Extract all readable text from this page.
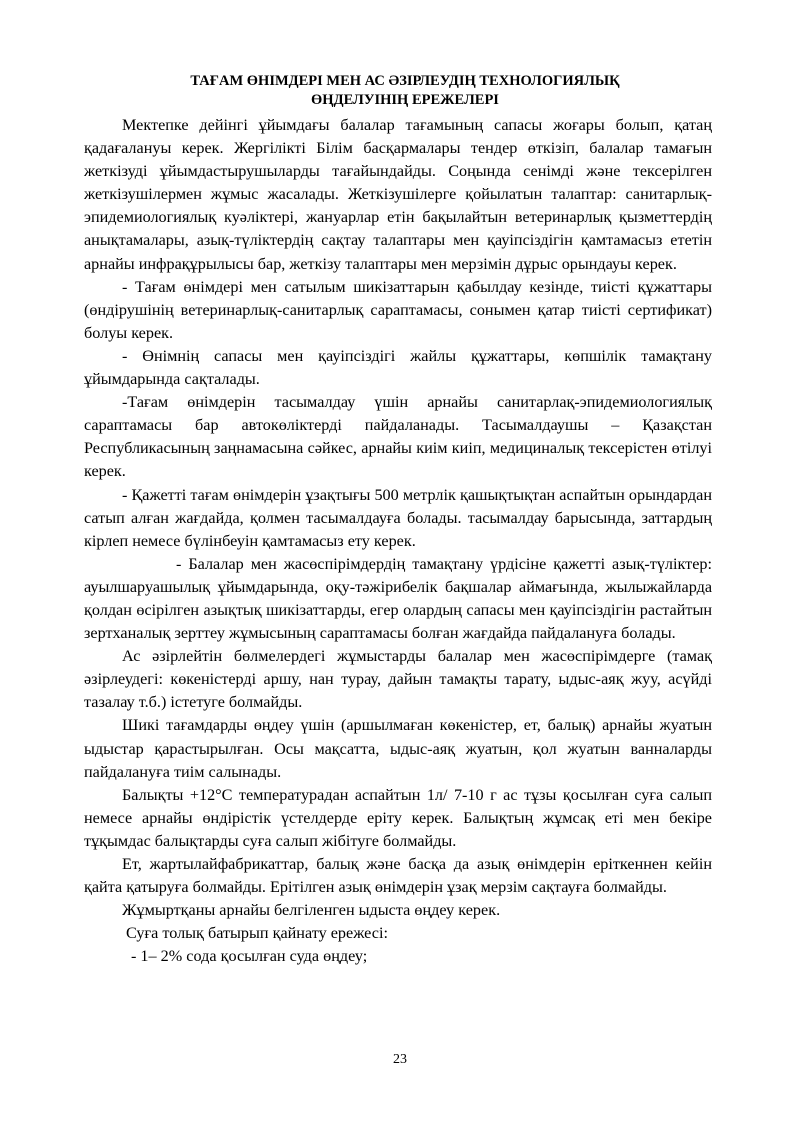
ТАҒАМ ӨНІМДЕРІ МЕН АС ӘЗІРЛЕУДІҢ ТЕХНОЛОГИЯЛЫҚ
ӨҢДЕЛУІНІҢ ЕРЕЖЕЛЕРІ

Мектепке дейінгі ұйымдағы балалар тағамының сапасы жоғары болып, қатаң қадағалануы керек. Жергілікті Білім басқармалары тендер өткізіп, балалар тамағын жеткізуді ұйымдастырушыларды тағайындайды. Соңында сенімді және тексерілген жеткізушілермен жұмыс жасалады. Жеткізушілерге қойылатын талаптар: санитарлық-эпидемиологиялық куәліктері, жануарлар етін бақылайтын ветеринарлық қызметтердің анықтамалары, азық-түліктердің сақтау талаптары мен қауіпсіздігін қамтамасыз ететін арнайы инфрақұрылысы бар, жеткізу талаптары мен мерзімін дұрыс орындауы керек.

- Тағам өнімдері мен сатылым шикізаттарын қабылдау кезінде, тиісті құжаттары (өндірушінің ветеринарлық-санитарлық сараптамасы, сонымен қатар тиісті сертификат) болуы керек.

- Өнімнің сапасы мен қауіпсіздігі жайлы құжаттары, көпшілік тамақтану ұйымдарында сақталады.

-Тағам өнімдерін тасымалдау үшін арнайы санитарлақ-эпидемиологиялық сараптамасы бар автокөліктерді пайдаланады. Тасымалдаушы – Қазақстан Республикасының заңнамасына сәйкес, арнайы киім киіп, медициналық тексерістен өтілуі керек.

- Қажетті тағам өнімдерін ұзақтығы 500 метрлік қашықтықтан аспайтын орындардан сатып алған жағдайда, қолмен тасымалдауға болады. тасымалдау барысында, заттардың кірлеп немесе бүлінбеуін қамтамасыз ету керек.

- Балалар мен жасөспірімдердің тамақтану үрдісіне қажетті азық-түліктер: ауылшаруашылық ұйымдарында, оқу-тәжірибелік бақшалар аймағында, жылыжайларда қолдан өсірілген азықтық шикізаттарды, егер олардың сапасы мен қауіпсіздігін растайтын зертханалық зерттеу жұмысының сараптамасы болған жағдайда пайдалануға болады.

Ас әзірлейтін бөлмелердегі жұмыстарды балалар мен жасөспірімдерге (тамақ әзірлеудегі: көкеністерді аршу, нан турау, дайын тамақты тарату, ыдыс-аяқ жуу, асүйді тазалау т.б.) істетуге болмайды.

Шикі тағамдарды өңдеу үшін (аршылмаған көкеністер, ет, балық) арнайы жуатын ыдыстар қарастырылған. Осы мақсатта, ыдыс-аяқ жуатын, қол жуатын ванналарды пайдалануға тиім салынады.

Балықты +12°С температурадан аспайтын 1л/ 7-10 г ас тұзы қосылған суға салып немесе арнайы өндірістік үстелдерде еріту керек. Балықтың жұмсақ еті мен бекіре тұқымдас балықтарды суға салып жібітуге болмайды.

Ет, жартылайфабрикаттар, балық және басқа да азық өнімдерін еріткеннен кейін қайта қатыруға болмайды. Ерітілген азық өнімдерін ұзақ мерзім сақтауға болмайды.

Жұмыртқаны арнайы белгіленген ыдыста өңдеу керек.

Суға толық батырып қайнату ережесі:

- 1– 2% сода қосылған суда өңдеу;

23
